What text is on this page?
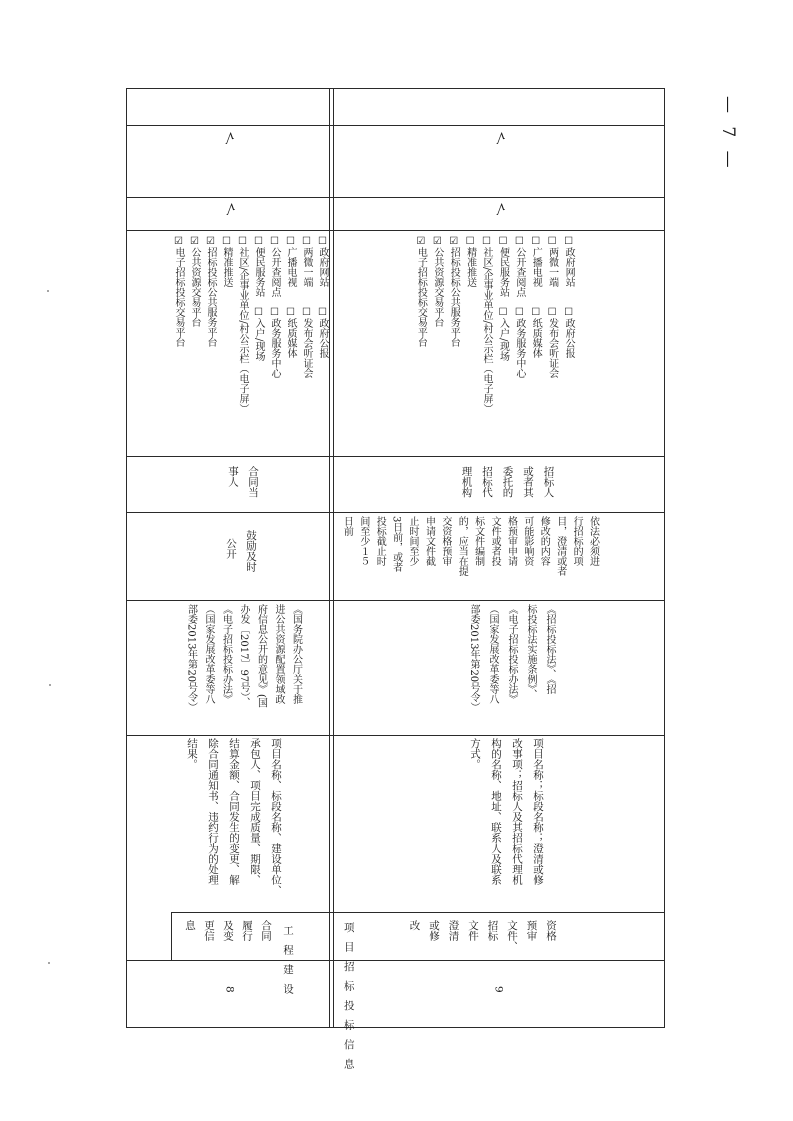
8
工程建设
合同
履行
及变
更信
息
项目名称、标段名称、建设单位、
承包人、项目完成质量、期限、
结算金额、合同发生的变更、解
除合同通知书、违约行为的处理
结果。
《国务院办公厅关于推
进公共资源配置领域政
府信息公开的意见》(国
办发〔2017〕97号）、
《电子招标投标办法》
（国家发展改革委等八
部委2013年第20号令）
鼓励及时
公开
合同当
事人
☐政府网站　　☐政府公报
☐两微一端　　☐发布会听证会
☐广播电视　　☐纸质媒体
☐公开查阅点　☐政务服务中心
☐便民服务站　☐入户/现场
☐社区/企事业单位/村公示栏（电子屏）
☐精准推送
☑招标投标公共服务平台
☑公共资源交易平台
☑电子招标投标交易平台
√
√
9
项目招标投标信息
资格
预审
文件、
招标
文件
澄清
或修
改
项目名称；标段名称；澄清或修
改事项；招标人及其招标代理机
构的名称、地址、联系人及联系
方式。
《招标投标法》、《招
标投标法实施条例》、
《电子招标投标办法》
（国家发展改革委等八
部委2013年第20号令）
依法必须进
行招标的项
目，澄清或者
修改的内容
可能影响资
格预审申请
文件或者投
标文件编制
的，应当在提
交资格预审
申请文件截
止时间至少
3日前，或者
投标截止时
间至少１５
日前
招标人
或者其
委托的
招标代
理机构
☐政府网站　　☐政府公报
☐两微一端　　☐发布会听证会
☐广播电视　　☐纸质媒体
☐公开查阅点　☐政务服务中心
☐便民服务站　☐入户/现场
☐社区/企事业单位/村公示栏（电子屏）
☐精准推送
☑招标投标公共服务平台
☑公共资源交易平台
☑电子招标投标交易平台
√
√	— 7 —
